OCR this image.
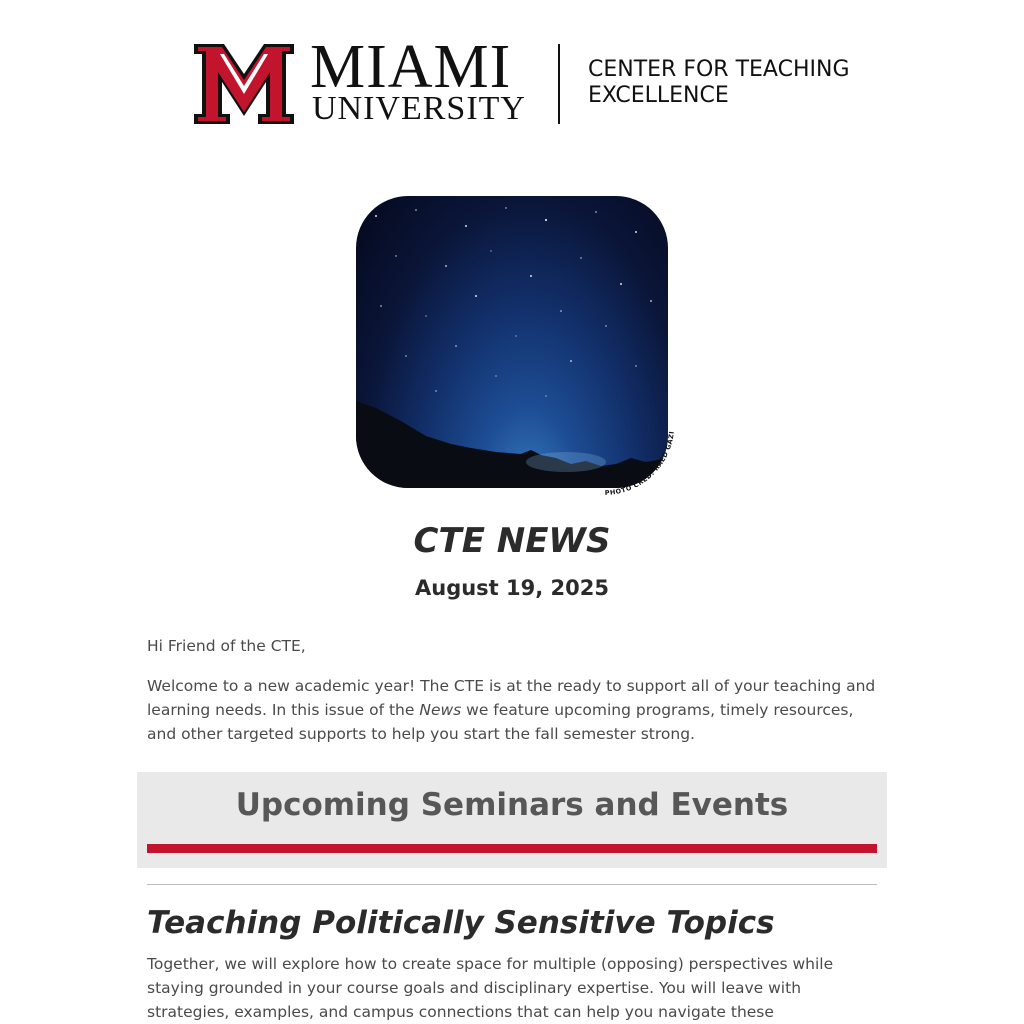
MIAMI
UNIVERSITY
CENTER FOR TEACHING
EXCELLENCE
PHOTO CRED: RAED GAZI
CTE NEWS
August 19, 2025
Hi Friend of the CTE,
Welcome to a new academic year! The CTE is at the ready to support all of your teaching and learning needs. In this issue of the News we feature upcoming programs, timely resources, and other targeted supports to help you start the fall semester strong.
Upcoming Seminars and Events
Teaching Politically Sensitive Topics
Together, we will explore how to create space for multiple (opposing) perspectives while staying grounded in your course goals and disciplinary expertise. You will leave with strategies, examples, and campus connections that can help you navigate these
